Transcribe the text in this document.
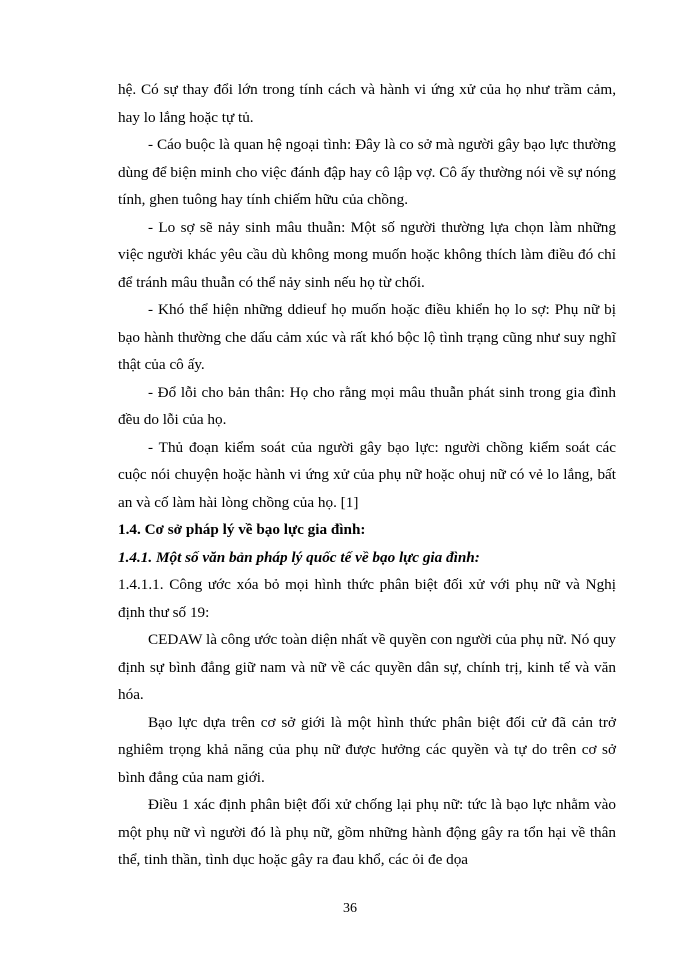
hệ. Có sự thay đổi lớn trong tính cách và hành vi ứng xử của họ như trầm cảm, hay lo lắng hoặc tự tủ.

- Cáo buộc là quan hệ ngoại tình: Đây là co sở mà người gây bạo lực thường dùng để biện minh cho việc đánh đập hay cô lập vợ. Cô ấy thường nói về sự nóng tính, ghen tuông hay tính chiếm hữu của chồng.

- Lo sợ sẽ nảy sinh mâu thuẫn: Một số người thường lựa chọn làm những việc người khác yêu cầu dù không mong muốn hoặc không thích làm điều đó chỉ để tránh mâu thuẫn có thể nảy sinh nếu họ từ chối.

- Khó thể hiện những ddieuf họ muốn hoặc điều khiển họ lo sợ: Phụ nữ bị bạo hành thường che dấu cảm xúc và rất khó bộc lộ tình trạng cũng như suy nghĩ thật của cô ấy.

- Đổ lỗi cho bản thân: Họ cho rằng mọi mâu thuẫn phát sinh trong gia đình đều do lỗi của họ.

- Thủ đoạn kiểm soát của người gây bạo lực: người chồng kiểm soát các cuộc nói chuyện hoặc hành vi ứng xử của phụ nữ hoặc ohuj nữ có vẻ lo lắng, bất an và cố làm hài lòng chồng của họ. [1]

1.4. Cơ sở pháp lý về bạo lực gia đình:

1.4.1. Một số văn bản pháp lý quốc tế về bạo lực gia đình:

1.4.1.1. Công ước xóa bỏ mọi hình thức phân biệt đối xử với phụ nữ và Nghị định thư số 19:

CEDAW là công ước toàn diện nhất về quyền con người của phụ nữ. Nó quy định sự bình đẳng giữ nam và nữ về các quyền dân sự, chính trị, kinh tế và văn hóa.

Bạo lực dựa trên cơ sở giới là một hình thức phân biệt đối cử đã cản trở nghiêm trọng khả năng của phụ nữ được hưởng các quyền và tự do trên cơ sở bình đẳng của nam giới.

Điều 1 xác định phân biệt đối xử chống lại phụ nữ: tức là bạo lực nhằm vào một phụ nữ vì người đó là phụ nữ, gồm những hành động gây ra tổn hại về thân thể, tinh thần, tình dục hoặc gây ra đau khổ, các ỏi đe dọa

36
